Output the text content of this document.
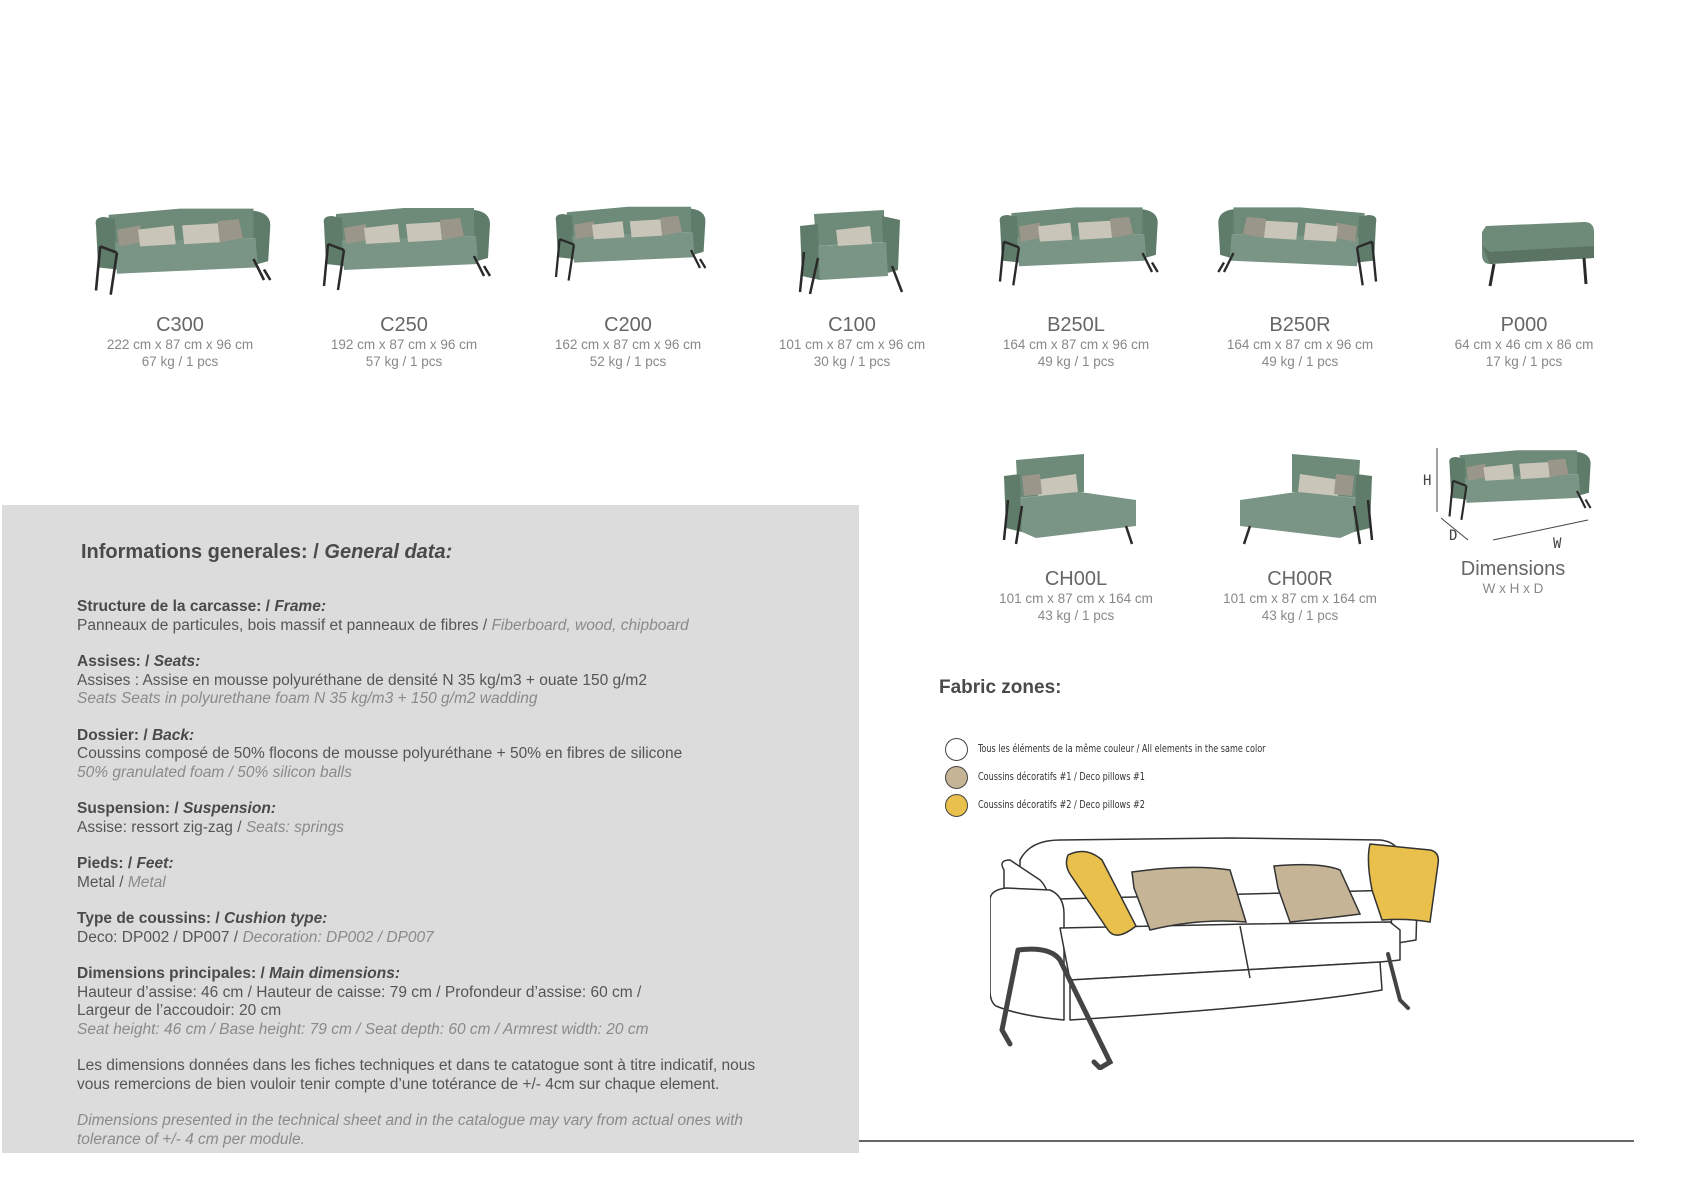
C300
222 cm x 87 cm x 96 cm
67 kg / 1 pcs
C250
192 cm x 87 cm x 96 cm
57 kg / 1 pcs
C200
162 cm x 87 cm x 96 cm
52 kg / 1 pcs
C100
101 cm x 87 cm x 96 cm
30 kg / 1 pcs
B250L
164 cm x 87 cm x 96 cm
49 kg / 1 pcs
B250R
164 cm x 87 cm x 96 cm
49 kg / 1 pcs
P000
64 cm x 46 cm x 86 cm
17 kg / 1 pcs
CH00L
101 cm x 87 cm x 164 cm
43 kg / 1 pcs
CH00R
101 cm x 87 cm x 164 cm
43 kg / 1 pcs
H
D	W
Dimensions
W x H x D
Informations generales: / General data:
Structure de la carcasse: / Frame:
Panneaux de particules, bois massif et panneaux de fibres / Fiberboard, wood, chipboard
Assises: / Seats:
Assises : Assise en mousse polyuréthane de densité N 35 kg/m3 + ouate 150 g/m2
Seats Seats in polyurethane foam N 35 kg/m3 + 150 g/m2 wadding
Dossier: / Back:
Coussins composé de 50% flocons de mousse polyuréthane + 50% en fibres de silicone
50% granulated foam / 50% silicon balls
Suspension: / Suspension:
Assise: ressort zig-zag / Seats: springs
Pieds: / Feet:
Metal / Metal
Type de coussins: / Cushion type:
Deco: DP002 / DP007 / Decoration: DP002 / DP007
Dimensions principales: / Main dimensions:
Hauteur d’assise: 46 cm / Hauteur de caisse: 79 cm / Profondeur d’assise: 60 cm /
Largeur de l’accoudoir: 20 cm
Seat height: 46 cm / Base height: 79 cm / Seat depth: 60 cm / Armrest width: 20 cm
Les dimensions données dans les fiches techniques et dans te catatogue sont à titre indicatif, nous
vous remercions de bien vouloir tenir compte d’une totérance de +/- 4cm sur chaque element.
Dimensions presented in the technical sheet and in the catalogue may vary from actual ones with
tolerance of +/- 4 cm per module.
Fabric zones:
Tous les éléments de la même couleur / All elements in the same color
Coussins décoratifs #1 / Deco pillows #1
Coussins décoratifs #2 / Deco pillows #2
